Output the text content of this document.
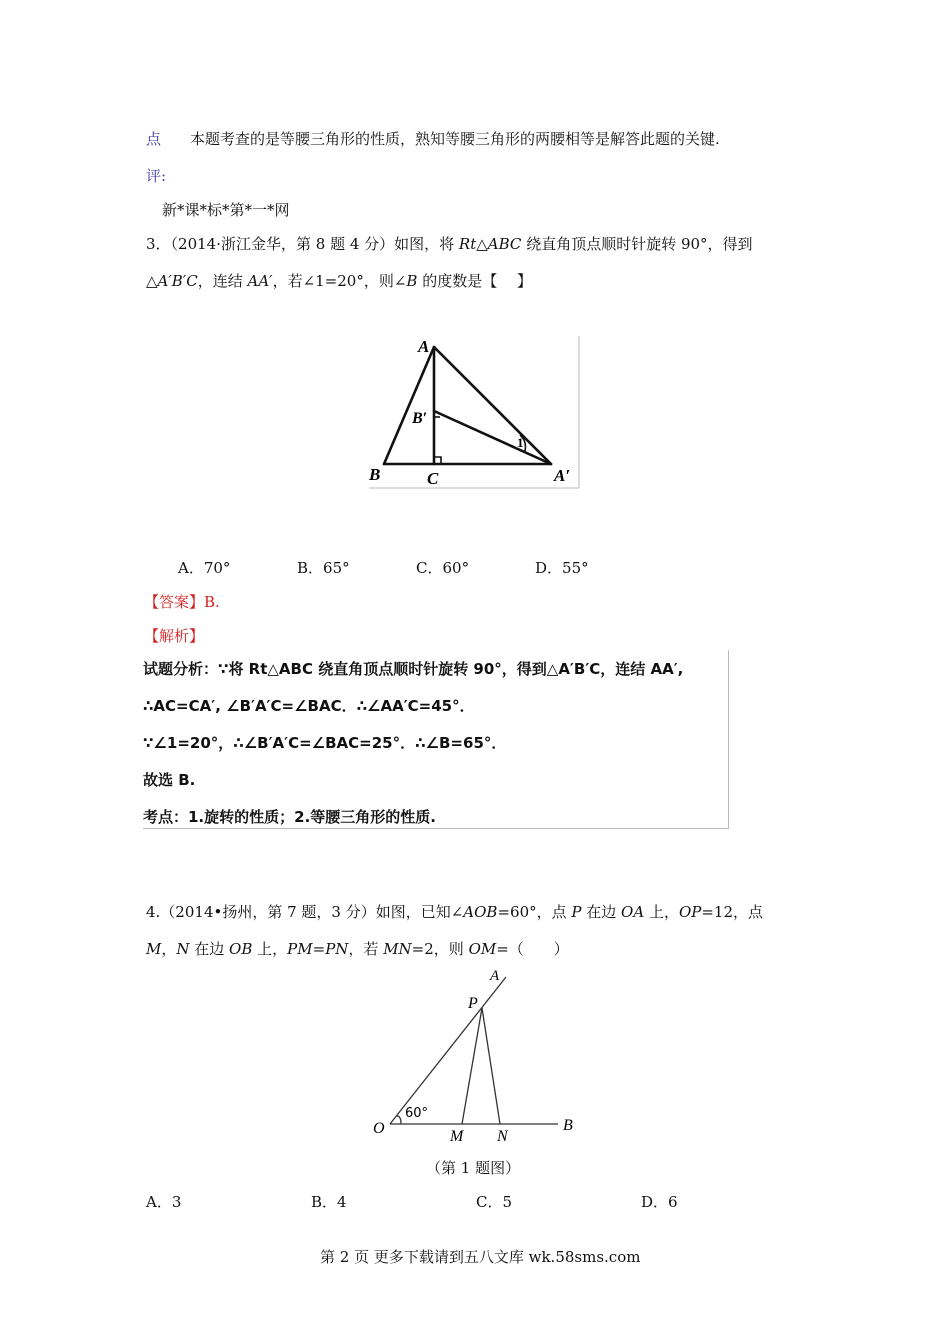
点 本题考查的是等腰三角形的性质，熟知等腰三角形的两腰相等是解答此题的关键.
评:
新*课*标*第*一*网
3．（2014·浙江金华，第 8 题 4 分）如图，将 Rt△ABC 绕直角顶点顺时针旋转 90°，得到
△A′B′C，连结 AA′，若∠1=20°，则∠B 的度数是【　 】
A
B′
B	C	A′
1
A．70°	B．65°	C．60°	D．55°
【答案】B.
【解析】
试题分析：∵将 Rt△ABC 绕直角顶点顺时针旋转 90°，得到△A′B′C，连结 AA′,
∴AC=CA′, ∠B′A′C=∠BAC．∴∠AA′C=45°．
∵∠1=20°，∴∠B′A′C=∠BAC=25°．∴∠B=65°．
故选 B.
考点：1.旋转的性质；2.等腰三角形的性质.
4.（2014•扬州，第 7 题，3 分）如图，已知∠AOB=60°，点 P 在边 OA 上，OP=12，点
M，N 在边 OB 上，PM=PN，若 MN=2，则 OM=（　　）
A
P
O
60°
M N
B
（第 1 题图）
A．3	B．4	C．5	D．6
第 2 页 更多下载请到五八文库 wk.58sms.com
